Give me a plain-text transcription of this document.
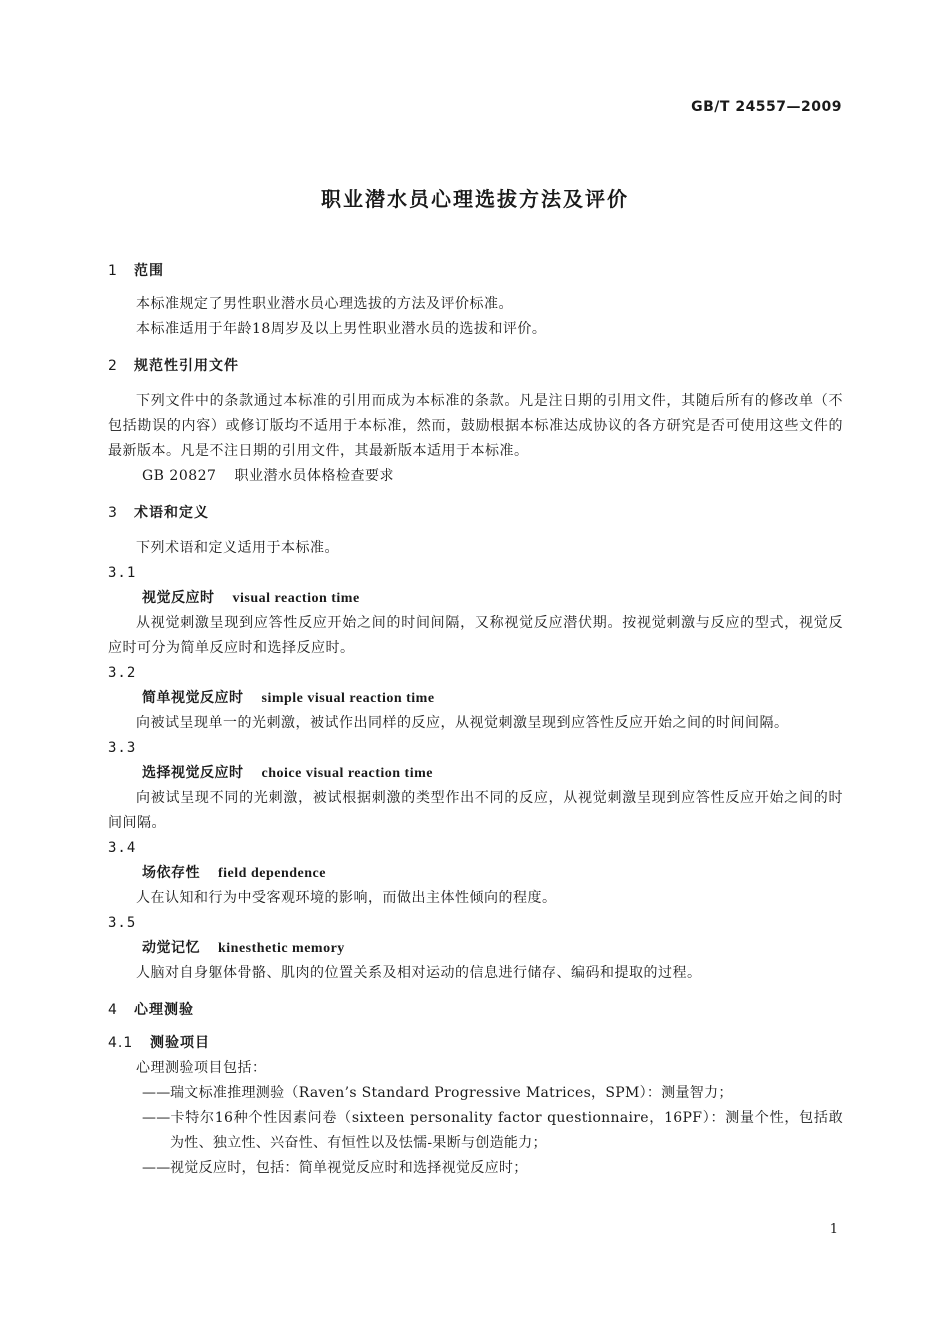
GB/T 24557—2009
职业潜水员心理选拔方法及评价
1 范围

本标准规定了男性职业潜水员心理选拔的方法及评价标准。

本标准适用于年龄18周岁及以上男性职业潜水员的选拔和评价。

2 规范性引用文件

下列文件中的条款通过本标准的引用而成为本标准的条款。凡是注日期的引用文件，其随后所有的修改单（不包括勘误的内容）或修订版均不适用于本标准，然而，鼓励根据本标准达成协议的各方研究是否可使用这些文件的最新版本。凡是不注日期的引用文件，其最新版本适用于本标准。

GB 20827 职业潜水员体格检查要求
3 术语和定义

下列术语和定义适用于本标准。

3.1
视觉反应时 visual reaction time

从视觉刺激呈现到应答性反应开始之间的时间间隔，又称视觉反应潜伏期。按视觉刺激与反应的型式，视觉反应时可分为简单反应时和选择反应时。

3.2
简单视觉反应时 simple visual reaction time

向被试呈现单一的光刺激，被试作出同样的反应，从视觉刺激呈现到应答性反应开始之间的时间间隔。

3.3
选择视觉反应时 choice visual reaction time

向被试呈现不同的光刺激，被试根据刺激的类型作出不同的反应，从视觉刺激呈现到应答性反应开始之间的时间间隔。

3.4
场依存性 field dependence

人在认知和行为中受客观环境的影响，而做出主体性倾向的程度。

3.5
动觉记忆 kinesthetic memory

人脑对自身躯体骨骼、肌肉的位置关系及相对运动的信息进行储存、编码和提取的过程。

4 心理测验
4.1 测验项目

心理测验项目包括：

——瑞文标准推理测验（Raven’s Standard Progressive Matrices，SPM）：测量智力；
——卡特尔16种个性因素问卷（sixteen personality factor questionnaire，16PF）：测量个性，包括敢为性、独立性、兴奋性、有恒性以及怯懦-果断与创造能力；
——视觉反应时，包括：简单视觉反应时和选择视觉反应时；
1
